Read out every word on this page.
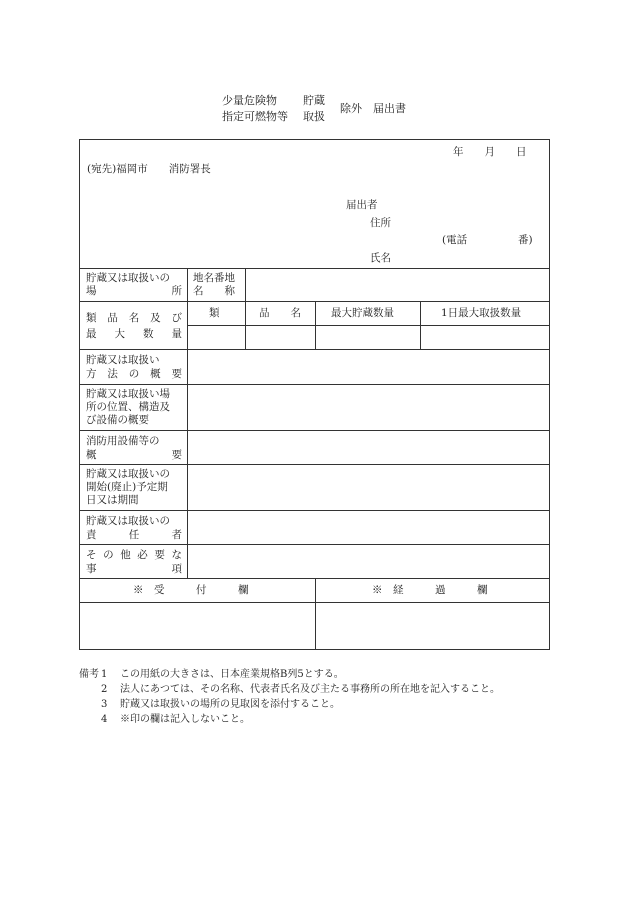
少量危険物
指定可燃物等
貯蔵
取扱
除外　届出書
年　　月　　日
(宛先)福岡市　　消防署長
届出者
住所
(電話	番)
氏名
貯蔵又は取扱いの
場　　　　所
地名番地
名　　称
類 品 名 及 び
最 大 数 量
類	品　　名	最大貯蔵数量	1日最大取扱数量
貯蔵又は取扱い
方 法 の 概 要
貯蔵又は取扱い場
所の位置、構造及
び設備の概要
消防用設備等の
概　　　　要
貯蔵又は取扱いの
開始(廃止)予定期
日又は期間
貯蔵又は取扱いの
責　　任　　者
そ の 他 必 要 な
事　　　　項
※　受　　　付　　　欄	※　経　　　過　　　欄
備考 1 この用紙の大きさは、日本産業規格B列5とする。
2 法人にあつては、その名称、代表者氏名及び主たる事務所の所在地を記入すること。
3 貯蔵又は取扱いの場所の見取図を添付すること。
4 ※印の欄は記入しないこと。
